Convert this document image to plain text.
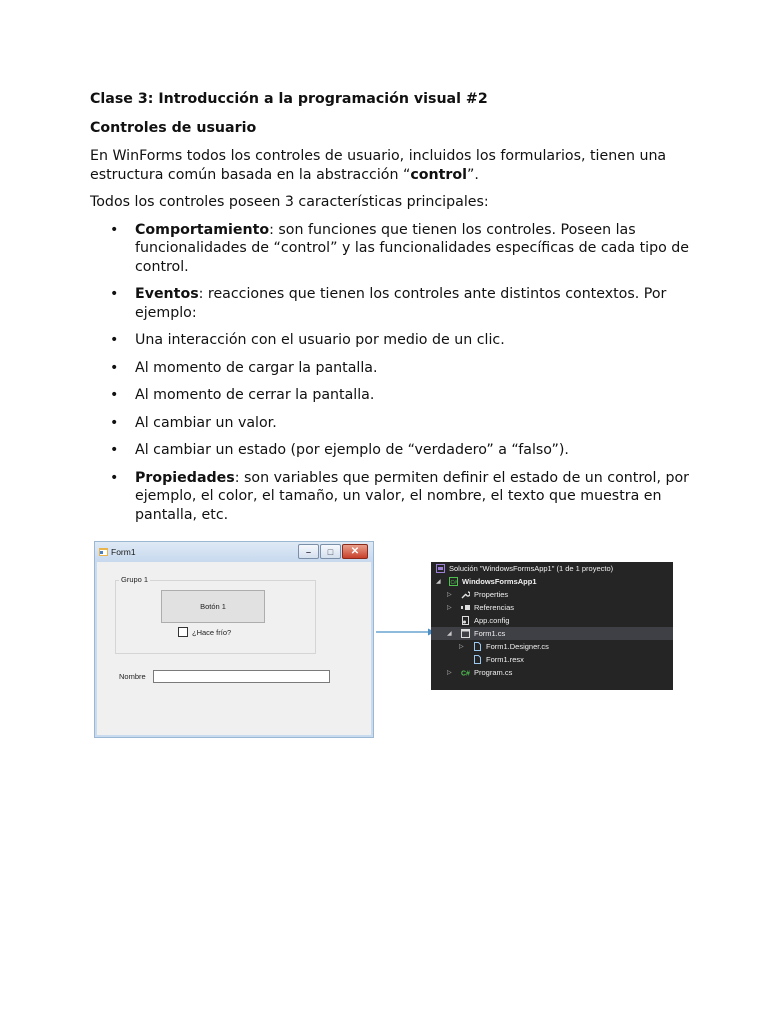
Clase 3: Introducción a la programación visual #2
Controles de usuario

En WinForms todos los controles de usuario, incluidos los formularios, tienen una estructura común basada en la abstracción “control”.

Todos los controles poseen 3 características principales:

• Comportamiento: son funciones que tienen los controles. Poseen las funcionalidades de “control” y las funcionalidades específicas de cada tipo de control.
• Eventos: reacciones que tienen los controles ante distintos contextos. Por ejemplo:
• Una interacción con el usuario por medio de un clic.
• Al momento de cargar la pantalla.
• Al momento de cerrar la pantalla.
• Al cambiar un valor.
• Al cambiar un estado (por ejemplo de “verdadero” a “falso”).
• Propiedades: son variables que permiten definir el estado de un control, por ejemplo, el color, el tamaño, un valor, el nombre, el texto que muestra en pantalla, etc.
Form1	–	□	✕
Grupo 1
Botón 1
¿Hace frío?
Nombre
Solución "WindowsFormsApp1" (1 de 1 proyecto)
◢ C# WindowsFormsApp1
▷	Properties
▷	Referencias
App.config
◢	Form1.cs
▷	Form1.Designer.cs
Form1.resx
▷ C# Program.cs
